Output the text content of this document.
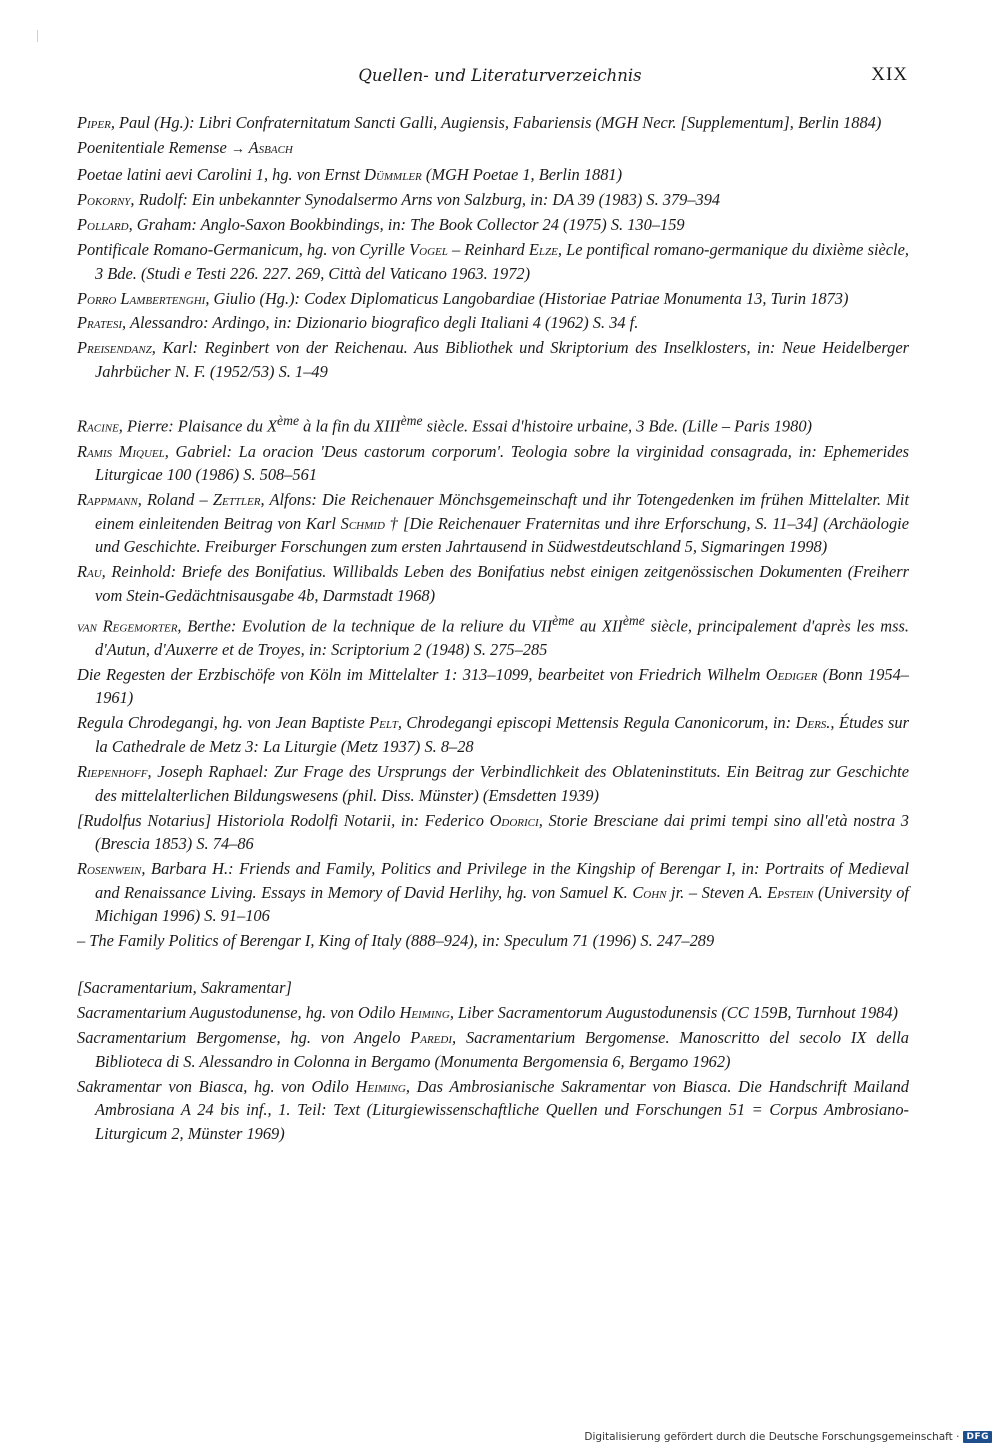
Quellen- und Literaturverzeichnis	XIX

Piper, Paul (Hg.): Libri Confraternitatum Sancti Galli, Augiensis, Fabariensis (MGH Necr. [Supplementum], Berlin 1884)

Poenitentiale Remense → Asbach

Poetae latini aevi Carolini 1, hg. von Ernst Dümmler (MGH Poetae 1, Berlin 1881)

Pokorny, Rudolf: Ein unbekannter Synodalsermo Arns von Salzburg, in: DA 39 (1983) S. 379–394

Pollard, Graham: Anglo-Saxon Bookbindings, in: The Book Collector 24 (1975) S. 130–159

Pontificale Romano-Germanicum, hg. von Cyrille Vogel – Reinhard Elze, Le pontifical romano-germanique du dixième siècle, 3 Bde. (Studi e Testi 226. 227. 269, Città del Vaticano 1963. 1972)

Porro Lambertenghi, Giulio (Hg.): Codex Diplomaticus Langobardiae (Historiae Patriae Monumenta 13, Turin 1873)

Pratesi, Alessandro: Ardingo, in: Dizionario biografico degli Italiani 4 (1962) S. 34 f.

Preisendanz, Karl: Reginbert von der Reichenau. Aus Bibliothek und Skriptorium des Inselklosters, in: Neue Heidelberger Jahrbücher N. F. (1952/53) S. 1–49

Racine, Pierre: Plaisance du Xème à la fin du XIIIème siècle. Essai d'histoire urbaine, 3 Bde. (Lille – Paris 1980)

Ramis Miquel, Gabriel: La oracion 'Deus castorum corporum'. Teologia sobre la virginidad consagrada, in: Ephemerides Liturgicae 100 (1986) S. 508–561

Rappmann, Roland – Zettler, Alfons: Die Reichenauer Mönchsgemeinschaft und ihr Totengedenken im frühen Mittelalter. Mit einem einleitenden Beitrag von Karl Schmid † [Die Reichenauer Fraternitas und ihre Erforschung, S. 11–34] (Archäologie und Geschichte. Freiburger Forschungen zum ersten Jahrtausend in Südwestdeutschland 5, Sigmaringen 1998)

Rau, Reinhold: Briefe des Bonifatius. Willibalds Leben des Bonifatius nebst einigen zeitgenössischen Dokumenten (Freiherr vom Stein-Gedächtnisausgabe 4b, Darmstadt 1968)

van Regemorter, Berthe: Evolution de la technique de la reliure du VIIème au XIIème siècle, principalement d'après les mss. d'Autun, d'Auxerre et de Troyes, in: Scriptorium 2 (1948) S. 275–285

Die Regesten der Erzbischöfe von Köln im Mittelalter 1: 313–1099, bearbeitet von Friedrich Wilhelm Oediger (Bonn 1954–1961)

Regula Chrodegangi, hg. von Jean Baptiste Pelt, Chrodegangi episcopi Mettensis Regula Canonicorum, in: Ders., Études sur la Cathedrale de Metz 3: La Liturgie (Metz 1937) S. 8–28

Riepenhoff, Joseph Raphael: Zur Frage des Ursprungs der Verbindlichkeit des Oblateninstituts. Ein Beitrag zur Geschichte des mittelalterlichen Bildungswesens (phil. Diss. Münster) (Emsdetten 1939)

[Rudolfus Notarius] Historiola Rodolfi Notarii, in: Federico Odorici, Storie Bresciane dai primi tempi sino all'età nostra 3 (Brescia 1853) S. 74–86

Rosenwein, Barbara H.: Friends and Family, Politics and Privilege in the Kingship of Berengar I, in: Portraits of Medieval and Renaissance Living. Essays in Memory of David Herlihy, hg. von Samuel K. Cohn jr. – Steven A. Epstein (University of Michigan 1996) S. 91–106

– The Family Politics of Berengar I, King of Italy (888–924), in: Speculum 71 (1996) S. 247–289

[Sacramentarium, Sakramentar]

Sacramentarium Augustodunense, hg. von Odilo Heiming, Liber Sacramentorum Augustodunensis (CC 159B, Turnhout 1984)

Sacramentarium Bergomense, hg. von Angelo Paredi, Sacramentarium Bergomense. Manoscritto del secolo IX della Biblioteca di S. Alessandro in Colonna in Bergamo (Monumenta Bergomensia 6, Bergamo 1962)

Sakramentar von Biasca, hg. von Odilo Heiming, Das Ambrosianische Sakramentar von Biasca. Die Handschrift Mailand Ambrosiana A 24 bis inf., 1. Teil: Text (Liturgiewissenschaftliche Quellen und Forschungen 51 = Corpus Ambrosiano-Liturgicum 2, Münster 1969)

Digitalisierung gefördert durch die Deutsche Forschungsgemeinschaft · DFG
